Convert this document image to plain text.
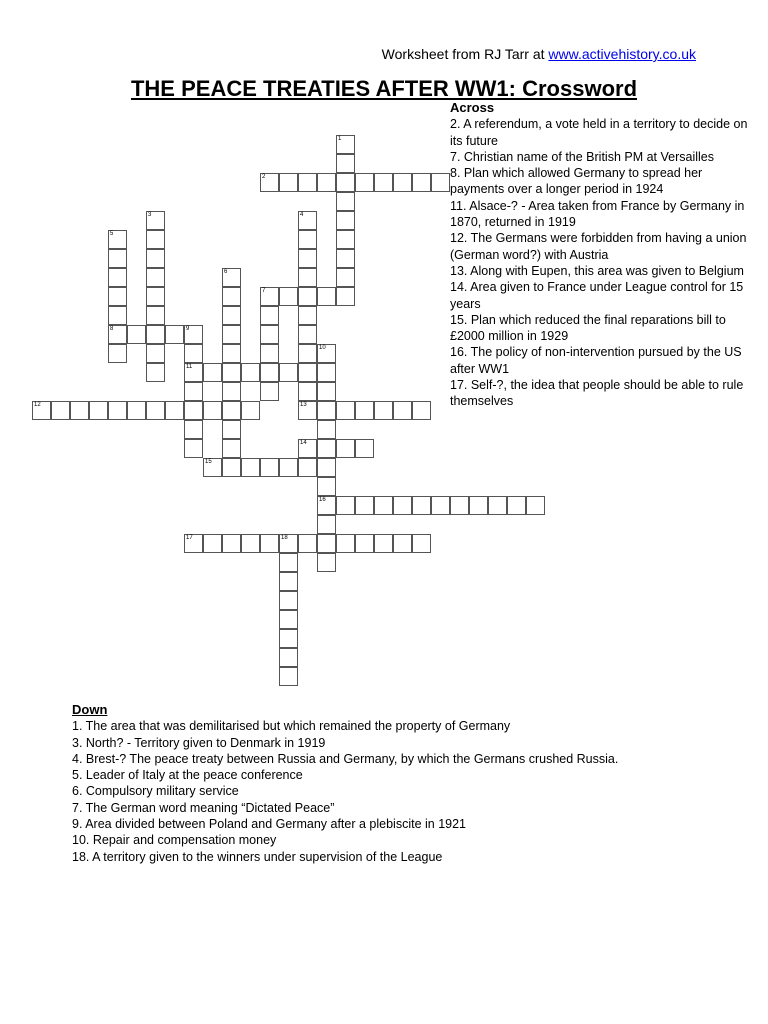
Worksheet from RJ Tarr at www.activehistory.co.uk
THE PEACE TREATIES AFTER WW1: Crossword
1
2
3	4
13
5
8
6
7
9
11
10
16
12
14
15
17	18
Across
2. A referendum, a vote held in a territory to decide on its future
7. Christian name of the British PM at Versailles
8. Plan which allowed Germany to spread her payments over a longer period in 1924
11. Alsace-? - Area taken from France by Germany in 1870, returned in 1919
12. The Germans were forbidden from having a union (German word?) with Austria
13. Along with Eupen, this area was given to Belgium
14. Area given to France under League control for 15 years
15. Plan which reduced the final reparations bill to £2000 million in 1929
16. The policy of non-intervention pursued by the US after WW1
17. Self-?, the idea that people should be able to rule themselves
Down
1. The area that was demilitarised but which remained the property of Germany
3. North? - Territory given to Denmark in 1919
4. Brest-? The peace treaty between Russia and Germany, by which the Germans crushed Russia.
5. Leader of Italy at the peace conference
6. Compulsory military service
7. The German word meaning “Dictated Peace”
9. Area divided between Poland and Germany after a plebiscite in 1921
10. Repair and compensation money
18. A territory given to the winners under supervision of the League
